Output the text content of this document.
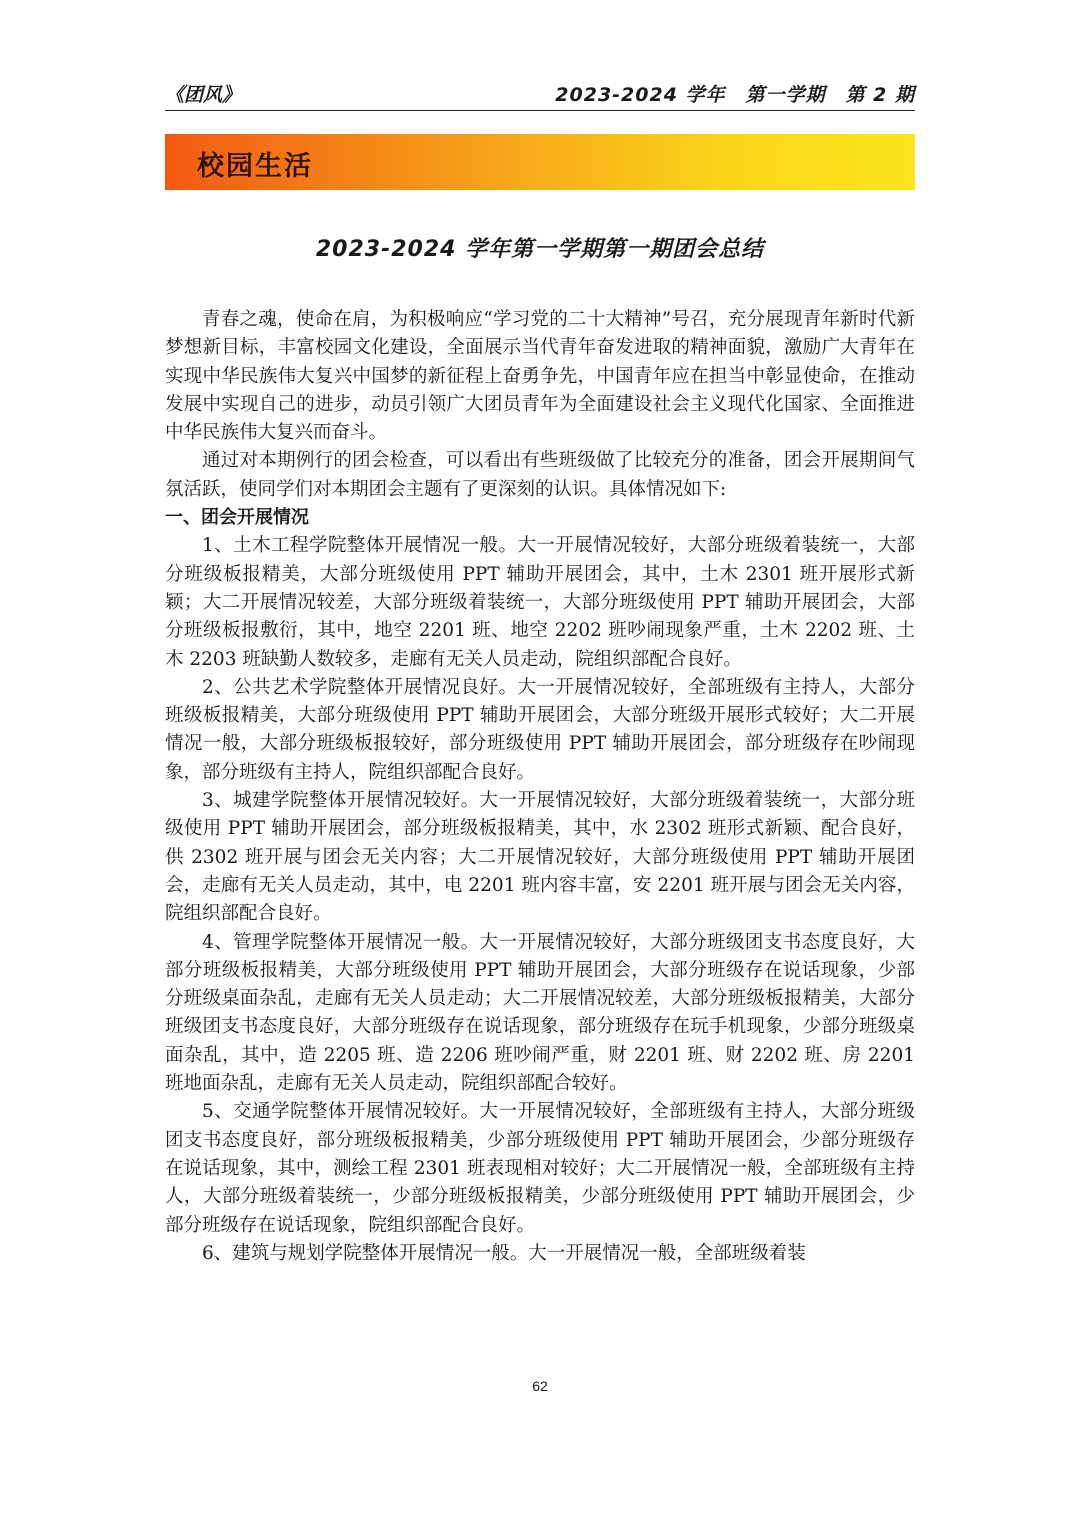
《团风》	2023-2024 学年　第一学期　第 2 期
校园生活
2023-2024 学年第一学期第一期团会总结

青春之魂，使命在肩，为积极响应“学习党的二十大精神”号召，充分展现青年新时代新梦想新目标，丰富校园文化建设，全面展示当代青年奋发进取的精神面貌，激励广大青年在实现中华民族伟大复兴中国梦的新征程上奋勇争先，中国青年应在担当中彰显使命，在推动发展中实现自己的进步，动员引领广大团员青年为全面建设社会主义现代化国家、全面推进中华民族伟大复兴而奋斗。

通过对本期例行的团会检查，可以看出有些班级做了比较充分的准备，团会开展期间气氛活跃，使同学们对本期团会主题有了更深刻的认识。具体情况如下:

一、团会开展情况

1、土木工程学院整体开展情况一般。大一开展情况较好，大部分班级着装统一，大部分班级板报精美，大部分班级使用 PPT 辅助开展团会，其中，土木 2301 班开展形式新颖；大二开展情况较差，大部分班级着装统一，大部分班级使用 PPT 辅助开展团会，大部分班级板报敷衍，其中，地空 2201 班、地空 2202 班吵闹现象严重，土木 2202 班、土木 2203 班缺勤人数较多，走廊有无关人员走动，院组织部配合良好。

2、公共艺术学院整体开展情况良好。大一开展情况较好，全部班级有主持人，大部分班级板报精美，大部分班级使用 PPT 辅助开展团会，大部分班级开展形式较好；大二开展情况一般，大部分班级板报较好，部分班级使用 PPT 辅助开展团会，部分班级存在吵闹现象，部分班级有主持人，院组织部配合良好。

3、城建学院整体开展情况较好。大一开展情况较好，大部分班级着装统一，大部分班级使用 PPT 辅助开展团会，部分班级板报精美，其中，水 2302 班形式新颖、配合良好，供 2302 班开展与团会无关内容；大二开展情况较好，大部分班级使用 PPT 辅助开展团会，走廊有无关人员走动，其中，电 2201 班内容丰富，安 2201 班开展与团会无关内容，院组织部配合良好。

4、管理学院整体开展情况一般。大一开展情况较好，大部分班级团支书态度良好，大部分班级板报精美，大部分班级使用 PPT 辅助开展团会，大部分班级存在说话现象，少部分班级桌面杂乱，走廊有无关人员走动；大二开展情况较差，大部分班级板报精美，大部分班级团支书态度良好，大部分班级存在说话现象，部分班级存在玩手机现象，少部分班级桌面杂乱，其中，造 2205 班、造 2206 班吵闹严重，财 2201 班、财 2202 班、房 2201 班地面杂乱，走廊有无关人员走动，院组织部配合较好。

5、交通学院整体开展情况较好。大一开展情况较好，全部班级有主持人，大部分班级团支书态度良好，部分班级板报精美，少部分班级使用 PPT 辅助开展团会，少部分班级存在说话现象，其中，测绘工程 2301 班表现相对较好；大二开展情况一般，全部班级有主持人，大部分班级着装统一，少部分班级板报精美，少部分班级使用 PPT 辅助开展团会，少部分班级存在说话现象，院组织部配合良好。

6、建筑与规划学院整体开展情况一般。大一开展情况一般，全部班级着装

62
